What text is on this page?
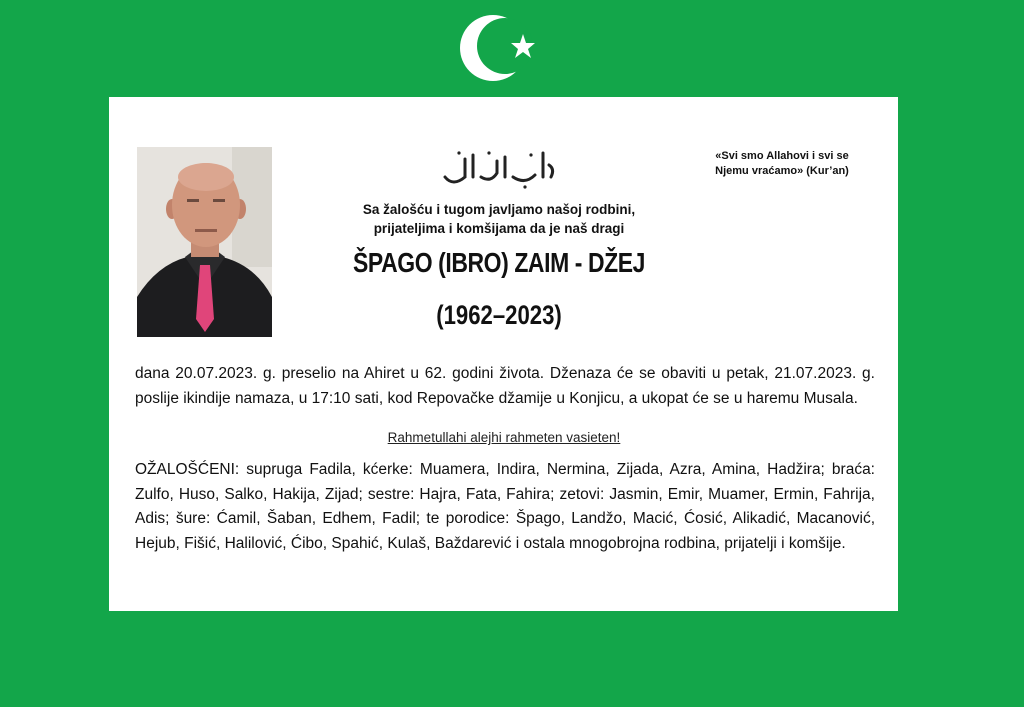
«Svi smo Allahovi i svi se
Njemu vraćamo» (Kur’an)
Sa žalošću i tugom javljamo našoj rodbini,
prijateljima i komšijama da je naš dragi
ŠPAGO (IBRO) ZAIM - DŽEJ
(1962–2023)
dana 20.07.2023. g. preselio na Ahiret u 62. godini života. Dženaza će se obaviti u petak, 21.07.2023. g. poslije ikindije namaza, u 17:10 sati, kod Repovačke džamije u Konjicu, a ukopat će se u haremu Musala.
Rahmetullahi alejhi rahmeten vasieten!
OŽALOŠĆENI: supruga Fadila, kćerke: Muamera, Indira, Nermina, Zijada, Azra, Amina, Hadžira; braća: Zulfo, Huso, Salko, Hakija, Zijad; sestre: Hajra, Fata, Fahira; zetovi: Jasmin, Emir, Muamer, Ermin, Fahrija, Adis; šure: Ćamil, Šaban, Edhem, Fadil; te porodice: Špago, Landžo, Macić, Ćosić, Alikadić, Macanović, Hejub, Fišić, Halilović, Ćibo, Spahić, Kulaš, Baždarević i ostala mnogobrojna rodbina, prijatelji i komšije.
